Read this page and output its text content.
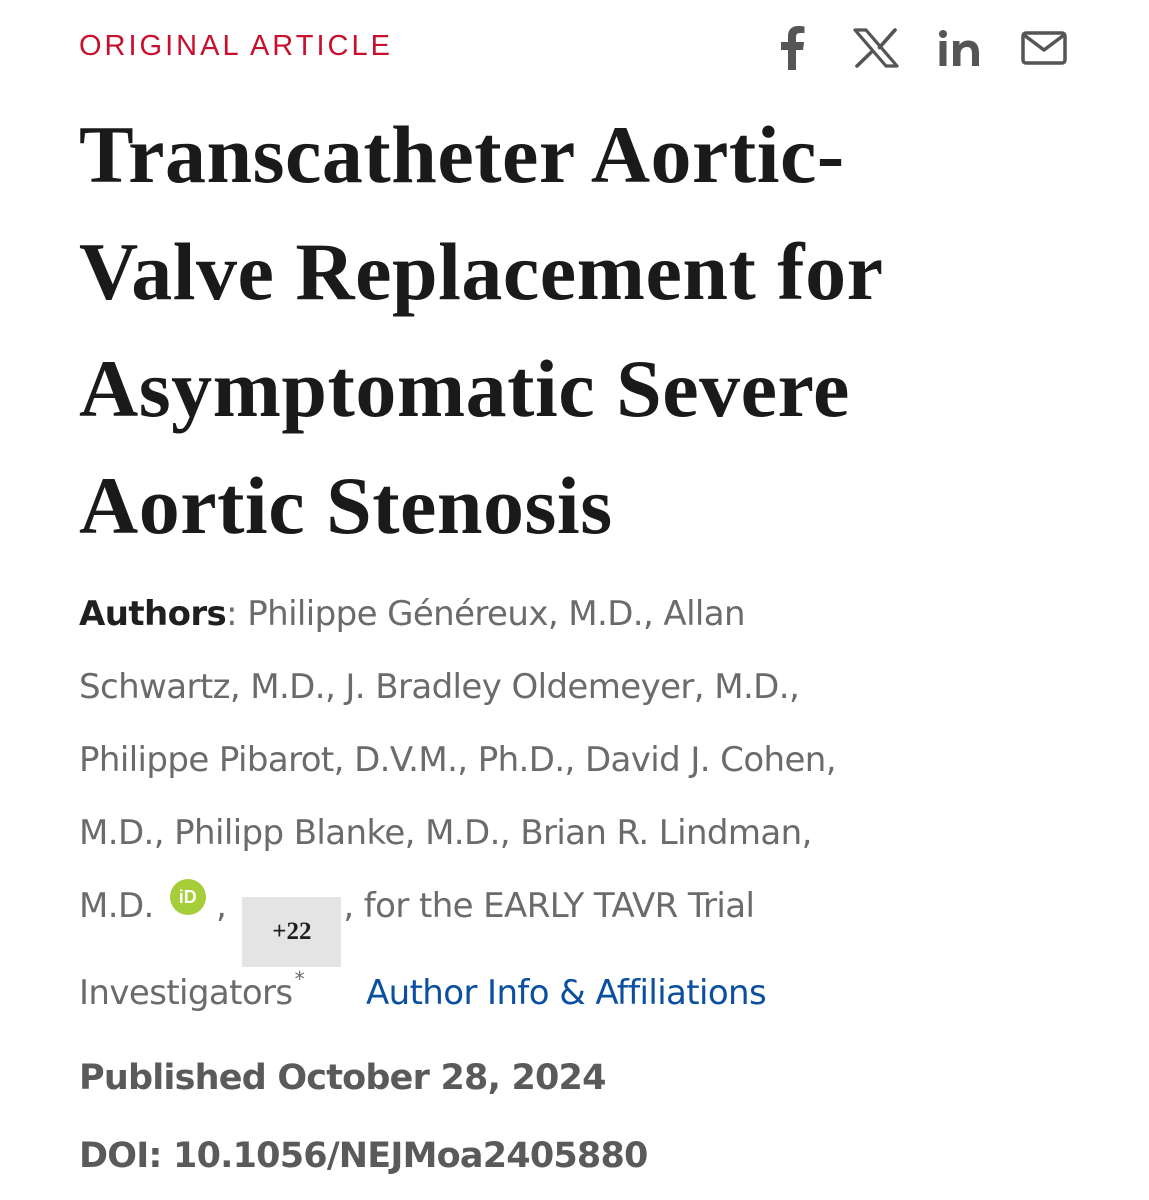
ORIGINAL ARTICLE
Transcatheter Aortic-
Valve Replacement for
Asymptomatic Severe
Aortic Stenosis
Authors: Philippe Généreux, M.D., Allan
Schwartz, M.D., J. Bradley Oldemeyer, M.D.,
Philippe Pibarot, D.V.M., Ph.D., David J. Cohen,
M.D., Philipp Blanke, M.D., Brian R. Lindman,
M.D. iD , +22, for the EARLY TAVR Trial
Investigators * Author Info & Affiliations
Published October 28, 2024
DOI: 10.1056/NEJMoa2405880
